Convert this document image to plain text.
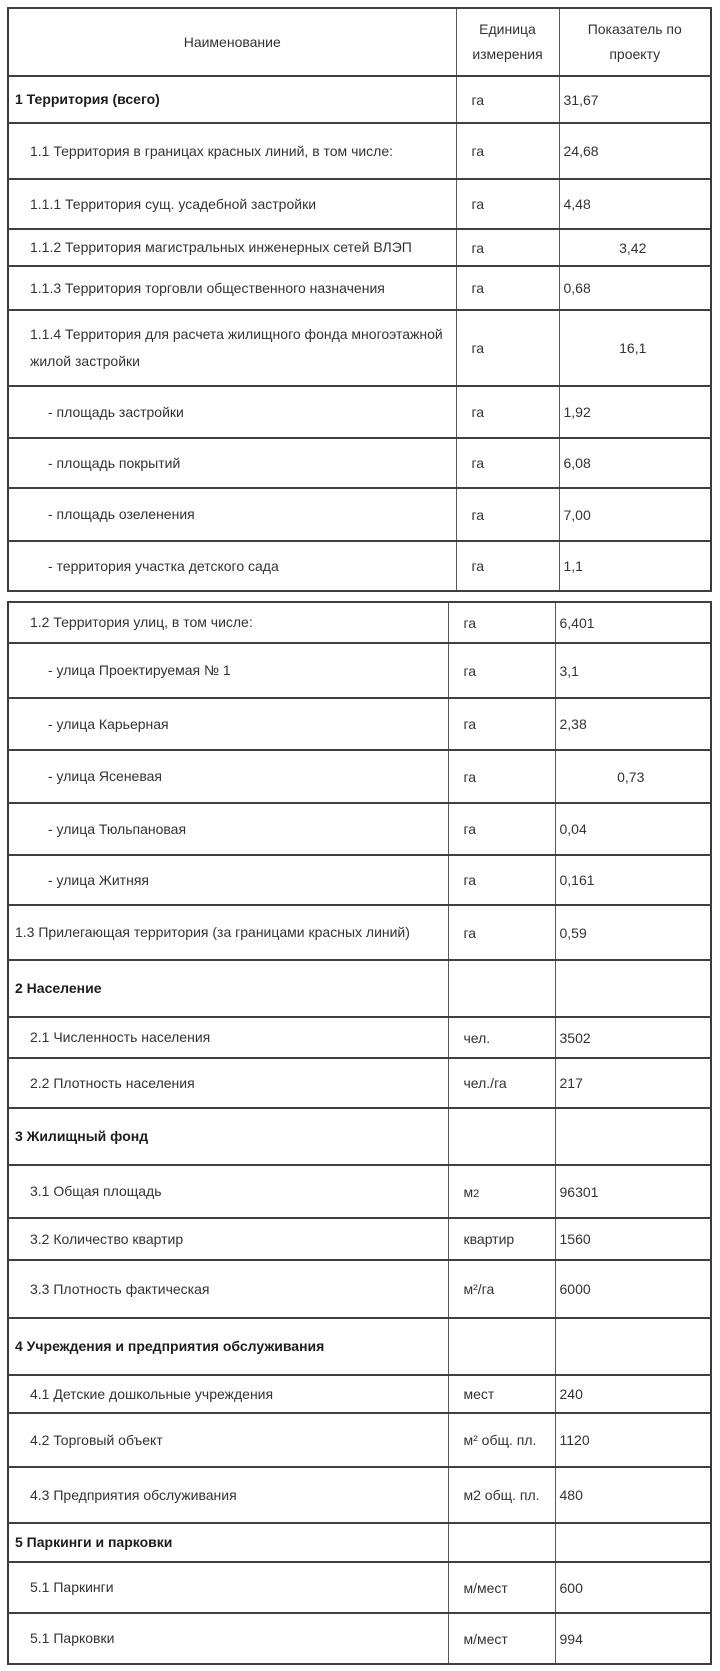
Наименование	Единица измерения	Показатель по проекту
1 Территория (всего)	га	31,67
1.1 Территория в границах красных линий, в том числе:	га	24,68
1.1.1 Территория сущ. усадебной застройки	га	4,48
1.1.2 Территория магистральных инженерных сетей ВЛЭП	га	3,42
1.1.3 Территория торговли общественного назначения	га	0,68
1.1.4 Территория для расчета жилищного фонда многоэтажной жилой застройки	га	16,1
- площадь застройки	га	1,92
- площадь покрытий	га	6,08
- площадь озеленения	га	7,00
- территория участка детского сада	га	1,1
1.2 Территория улиц, в том числе:	га	6,401
- улица Проектируемая № 1	га	3,1
- улица Карьерная	га	2,38
- улица Ясеневая	га	0,73
- улица Тюльпановая	га	0,04
- улица Житняя	га	0,161
1.3 Прилегающая территория (за границами красных линий)	га	0,59
2 Население		
2.1 Численность населения	чел.	3502
2.2 Плотность населения	чел./га	217
3 Жилищный фонд		
3.1 Общая площадь	м2	96301
3.2 Количество квартир	квартир	1560
3.3 Плотность фактическая	м²/га	6000
4 Учреждения и предприятия обслуживания		
4.1 Детские дошкольные учреждения	мест	240
4.2 Торговый объект	м² общ. пл.	1120
4.3 Предприятия обслуживания	м2 общ. пл.	480
5 Паркинги и парковки		
5.1 Паркинги	м/мест	600
5.1 Парковки	м/мест	994
